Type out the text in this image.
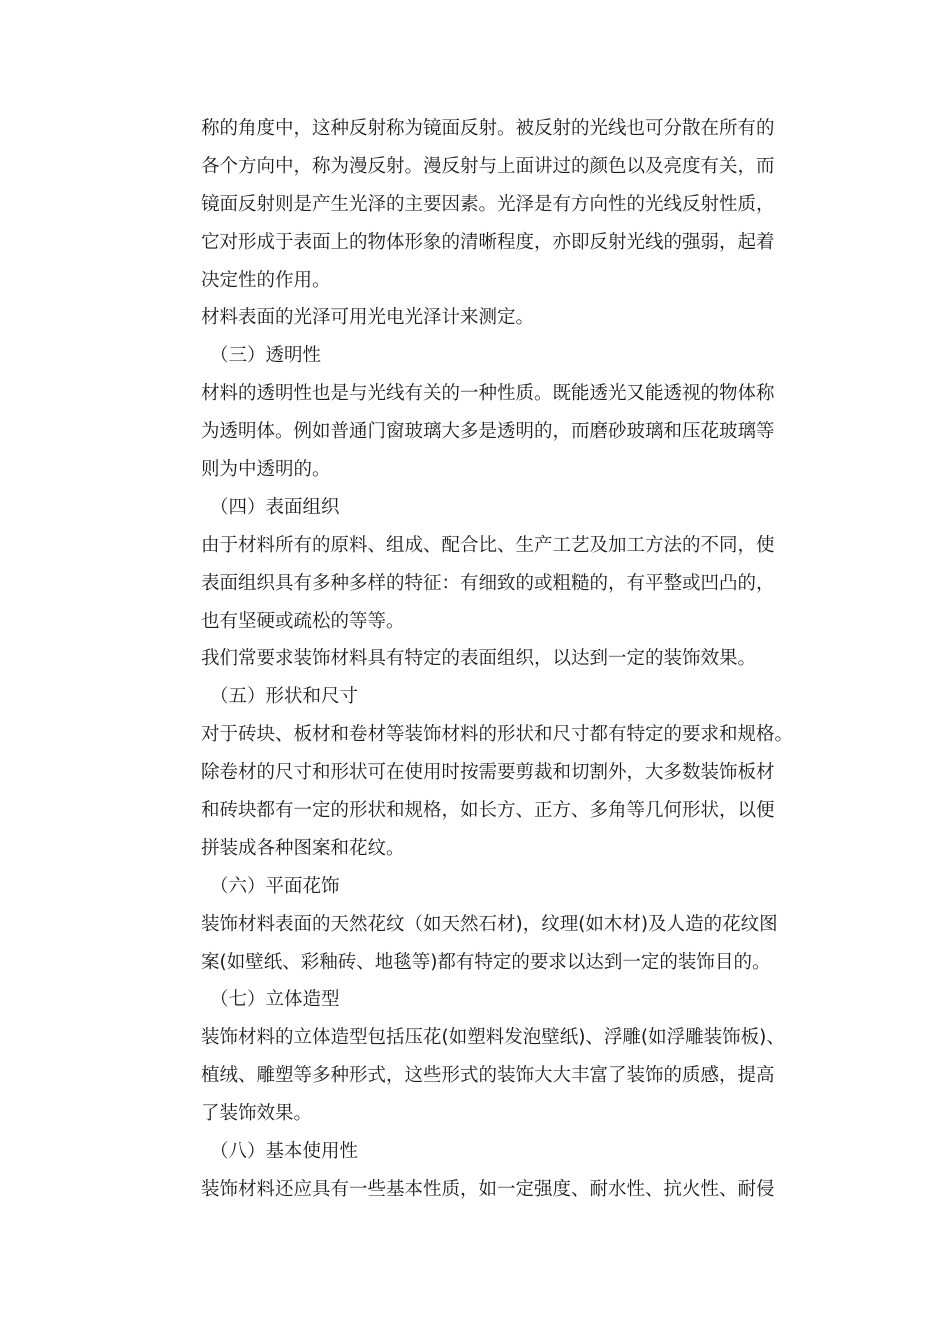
称的角度中，这种反射称为镜面反射。被反射的光线也可分散在所有的
各个方向中，称为漫反射。漫反射与上面讲过的颜色以及亮度有关，而
镜面反射则是产生光泽的主要因素。光泽是有方向性的光线反射性质，
它对形成于表面上的物体形象的清晰程度，亦即反射光线的强弱，起着
决定性的作用。
材料表面的光泽可用光电光泽计来测定。
（三）透明性
材料的透明性也是与光线有关的一种性质。既能透光又能透视的物体称
为透明体。例如普通门窗玻璃大多是透明的，而磨砂玻璃和压花玻璃等
则为中透明的。
（四）表面组织
由于材料所有的原料、组成、配合比、生产工艺及加工方法的不同，使
表面组织具有多种多样的特征：有细致的或粗糙的，有平整或凹凸的，
也有坚硬或疏松的等等。
我们常要求装饰材料具有特定的表面组织，以达到一定的装饰效果。
（五）形状和尺寸
对于砖块、板材和卷材等装饰材料的形状和尺寸都有特定的要求和规格。
除卷材的尺寸和形状可在使用时按需要剪裁和切割外，大多数装饰板材
和砖块都有一定的形状和规格，如长方、正方、多角等几何形状，以便
拼装成各种图案和花纹。
（六）平面花饰
装饰材料表面的天然花纹（如天然石材)，纹理(如木材)及人造的花纹图
案(如壁纸、彩釉砖、地毯等)都有特定的要求以达到一定的装饰目的。
（七）立体造型
装饰材料的立体造型包括压花(如塑料发泡壁纸)、浮雕(如浮雕装饰板)、
植绒、雕塑等多种形式，这些形式的装饰大大丰富了装饰的质感，提高
了装饰效果。
（八）基本使用性
装饰材料还应具有一些基本性质，如一定强度、耐水性、抗火性、耐侵
